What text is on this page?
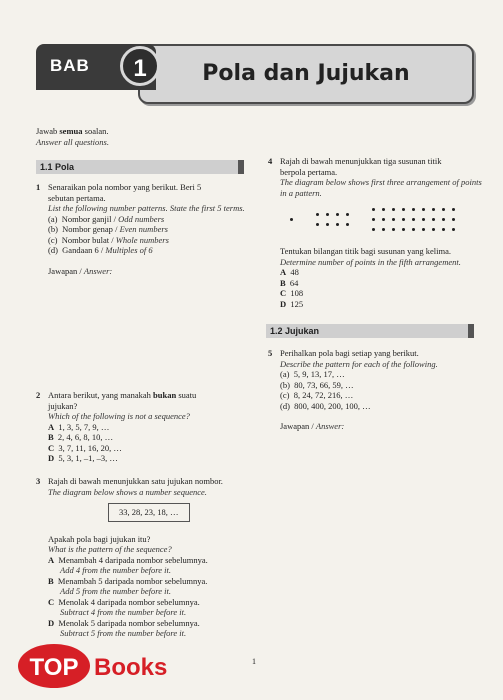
Pola dan Jujukan
BAB	1
Jawab semua soalan.
Answer all questions.
1.1 Pola
1 Senaraikan pola nombor yang berikut. Beri 5
sebutan pertama.
List the following number patterns. State the first 5 terms.
(a) Nombor ganjil / Odd numbers
(b) Nombor genap / Even numbers
(c) Nombor bulat / Whole numbers
(d) Gandaan 6 / Multiples of 6
Jawapan / Answer:
2 Antara berikut, yang manakah bukan suatu
jujukan?
Which of the following is not a sequence?
A 1, 3, 5, 7, 9, …
B 2, 4, 6, 8, 10, …
C 3, 7, 11, 16, 20, …
D 5, 3, 1, –1, –3, …
3 Rajah di bawah menunjukkan satu jujukan nombor.
The diagram below shows a number sequence.
33, 28, 23, 18, …
Apakah pola bagi jujukan itu?
What is the pattern of the sequence?
A Menambah 4 daripada nombor sebelumnya.
Add 4 from the number before it.
B Menambah 5 daripada nombor sebelumnya.
Add 5 from the number before it.
C Menolak 4 daripada nombor sebelumnya.
Subtract 4 from the number before it.
D Menolak 5 daripada nombor sebelumnya.
Subtract 5 from the number before it.
4 Rajah di bawah menunjukkan tiga susunan titik
berpola pertama.
The diagram below shows first three arrangement of points
in a pattern.
Tentukan bilangan titik bagi susunan yang kelima.
Determine number of points in the fifth arrangement.
A 48
B 64
C 108
D 125
1.2 Jujukan
5 Perihalkan pola bagi setiap yang berikut.
Describe the pattern for each of the following.
(a) 5, 9, 13, 17, …
(b) 80, 73, 66, 59, …
(c) 8, 24, 72, 216, …
(d) 800, 400, 200, 100, …
Jawapan / Answer:
1
TOP Books
